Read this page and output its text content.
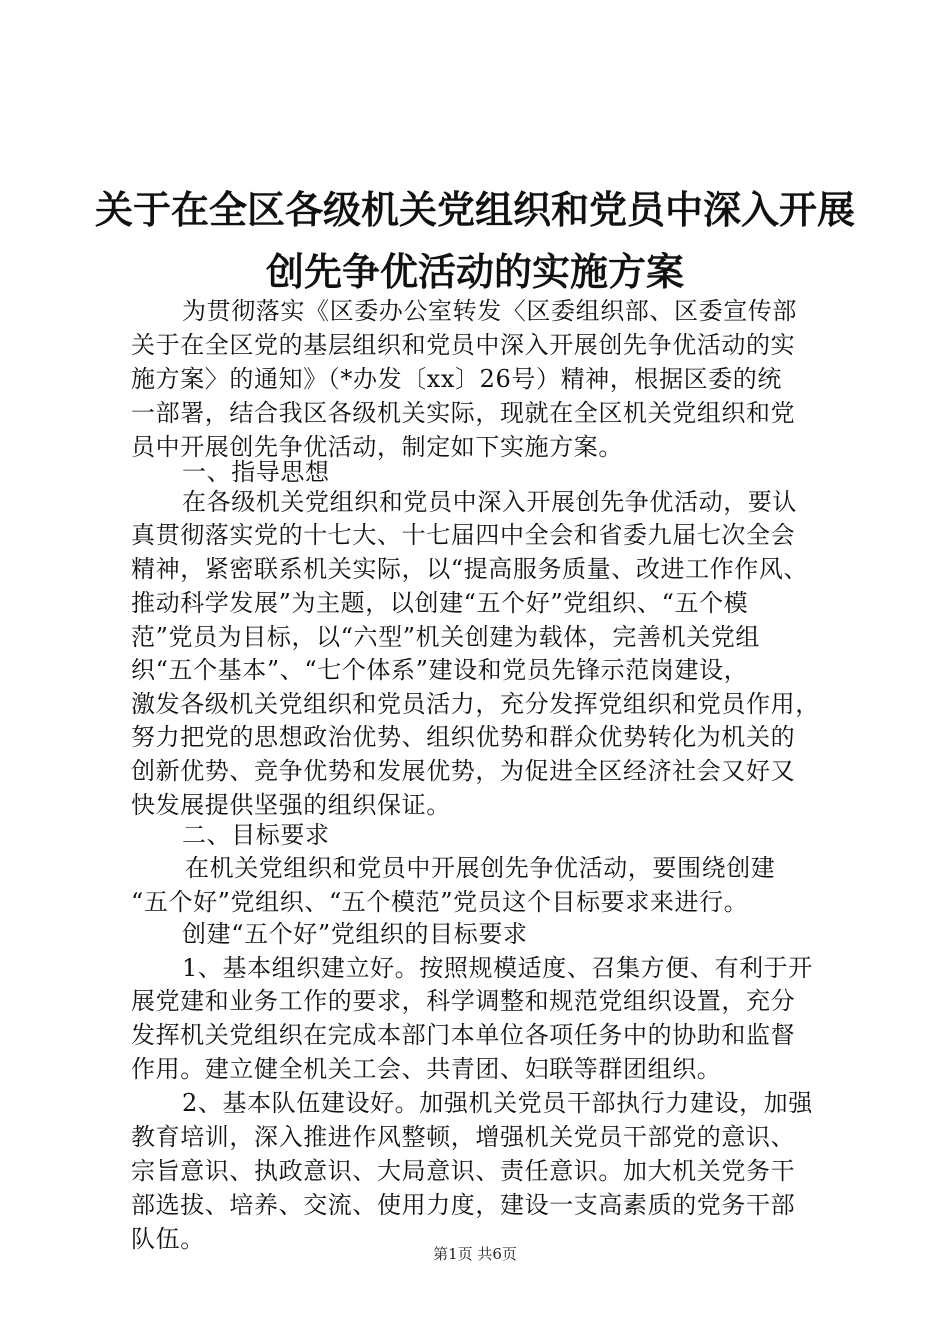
关于在全区各级机关党组织和党员中深入开展
创先争优活动的实施方案
为贯彻落实《区委办公室转发〈区委组织部、区委宣传部
关于在全区党的基层组织和党员中深入开展创先争优活动的实
施方案〉的通知》（*办发〔xx〕26号）精神，根据区委的统
一部署，结合我区各级机关实际，现就在全区机关党组织和党
员中开展创先争优活动，制定如下实施方案。
一、指导思想
在各级机关党组织和党员中深入开展创先争优活动，要认
真贯彻落实党的十七大、十七届四中全会和省委九届七次全会
精神，紧密联系机关实际，以“提高服务质量、改进工作作风、
推动科学发展”为主题，以创建“五个好”党组织、“五个模
范”党员为目标，以“六型”机关创建为载体，完善机关党组
织“五个基本”、“七个体系”建设和党员先锋示范岗建设，
激发各级机关党组织和党员活力，充分发挥党组织和党员作用，
努力把党的思想政治优势、组织优势和群众优势转化为机关的
创新优势、竞争优势和发展优势，为促进全区经济社会又好又
快发展提供坚强的组织保证。
二、目标要求
在机关党组织和党员中开展创先争优活动，要围绕创建
“五个好”党组织、“五个模范”党员这个目标要求来进行。
创建“五个好”党组织的目标要求
1、基本组织建立好。按照规模适度、召集方便、有利于开
展党建和业务工作的要求，科学调整和规范党组织设置，充分
发挥机关党组织在完成本部门本单位各项任务中的协助和监督
作用。建立健全机关工会、共青团、妇联等群团组织。
2、基本队伍建设好。加强机关党员干部执行力建设，加强
教育培训，深入推进作风整顿，增强机关党员干部党的意识、
宗旨意识、执政意识、大局意识、责任意识。加大机关党务干
部选拔、培养、交流、使用力度，建设一支高素质的党务干部
队伍。
第1页 共6页
